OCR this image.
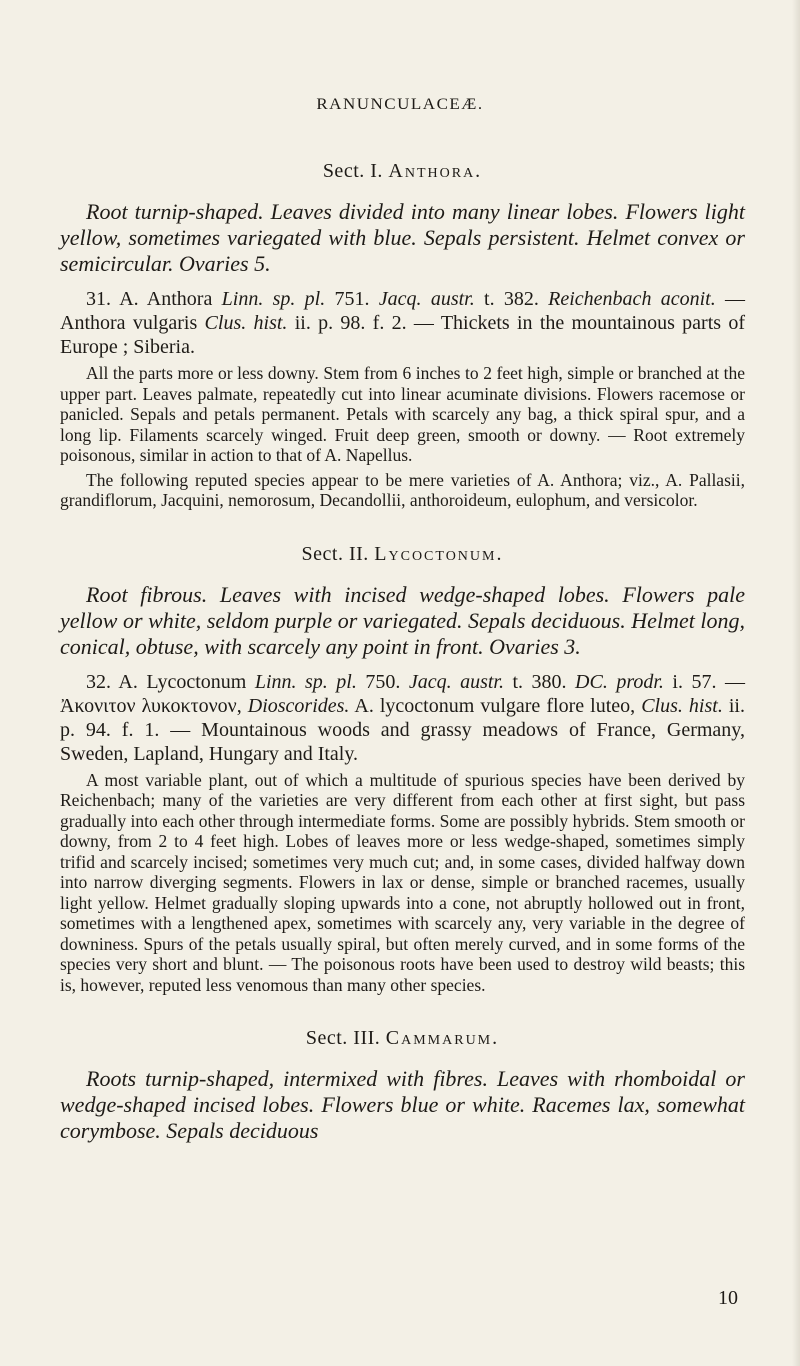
RANUNCULACEÆ.
Sect. I. Anthora.

Root turnip-shaped. Leaves divided into many linear lobes. Flowers light yellow, sometimes variegated with blue. Sepals persistent. Helmet convex or semicircular. Ovaries 5.

31. A. Anthora Linn. sp. pl. 751. Jacq. austr. t. 382. Reichenbach aconit. — Anthora vulgaris Clus. hist. ii. p. 98. f. 2. — Thickets in the mountainous parts of Europe ; Siberia.

All the parts more or less downy. Stem from 6 inches to 2 feet high, simple or branched at the upper part. Leaves palmate, repeatedly cut into linear acuminate divisions. Flowers racemose or panicled. Sepals and petals permanent. Petals with scarcely any bag, a thick spiral spur, and a long lip. Filaments scarcely winged. Fruit deep green, smooth or downy. — Root extremely poisonous, similar in action to that of A. Napellus.

The following reputed species appear to be mere varieties of A. Anthora; viz., A. Pallasii, grandiflorum, Jacquini, nemorosum, Decandollii, anthoroideum, eulophum, and versicolor.

Sect. II. Lycoctonum.

Root fibrous. Leaves with incised wedge-shaped lobes. Flowers pale yellow or white, seldom purple or variegated. Sepals deciduous. Helmet long, conical, obtuse, with scarcely any point in front. Ovaries 3.

32. A. Lycoctonum Linn. sp. pl. 750. Jacq. austr. t. 380. DC. prodr. i. 57. — Ἀκονιτον λυκοκτονον, Dioscorides. A. lycoctonum vulgare flore luteo, Clus. hist. ii. p. 94. f. 1. — Mountainous woods and grassy meadows of France, Germany, Sweden, Lapland, Hungary and Italy.

A most variable plant, out of which a multitude of spurious species have been derived by Reichenbach; many of the varieties are very different from each other at first sight, but pass gradually into each other through intermediate forms. Some are possibly hybrids. Stem smooth or downy, from 2 to 4 feet high. Lobes of leaves more or less wedge-shaped, sometimes simply trifid and scarcely incised; sometimes very much cut; and, in some cases, divided halfway down into narrow diverging segments. Flowers in lax or dense, simple or branched racemes, usually light yellow. Helmet gradually sloping upwards into a cone, not abruptly hollowed out in front, sometimes with a lengthened apex, sometimes with scarcely any, very variable in the degree of downiness. Spurs of the petals usually spiral, but often merely curved, and in some forms of the species very short and blunt. — The poisonous roots have been used to destroy wild beasts; this is, however, reputed less venomous than many other species.

Sect. III. Cammarum.

Roots turnip-shaped, intermixed with fibres. Leaves with rhomboidal or wedge-shaped incised lobes. Flowers blue or white. Racemes lax, somewhat corymbose. Sepals deciduous

10
